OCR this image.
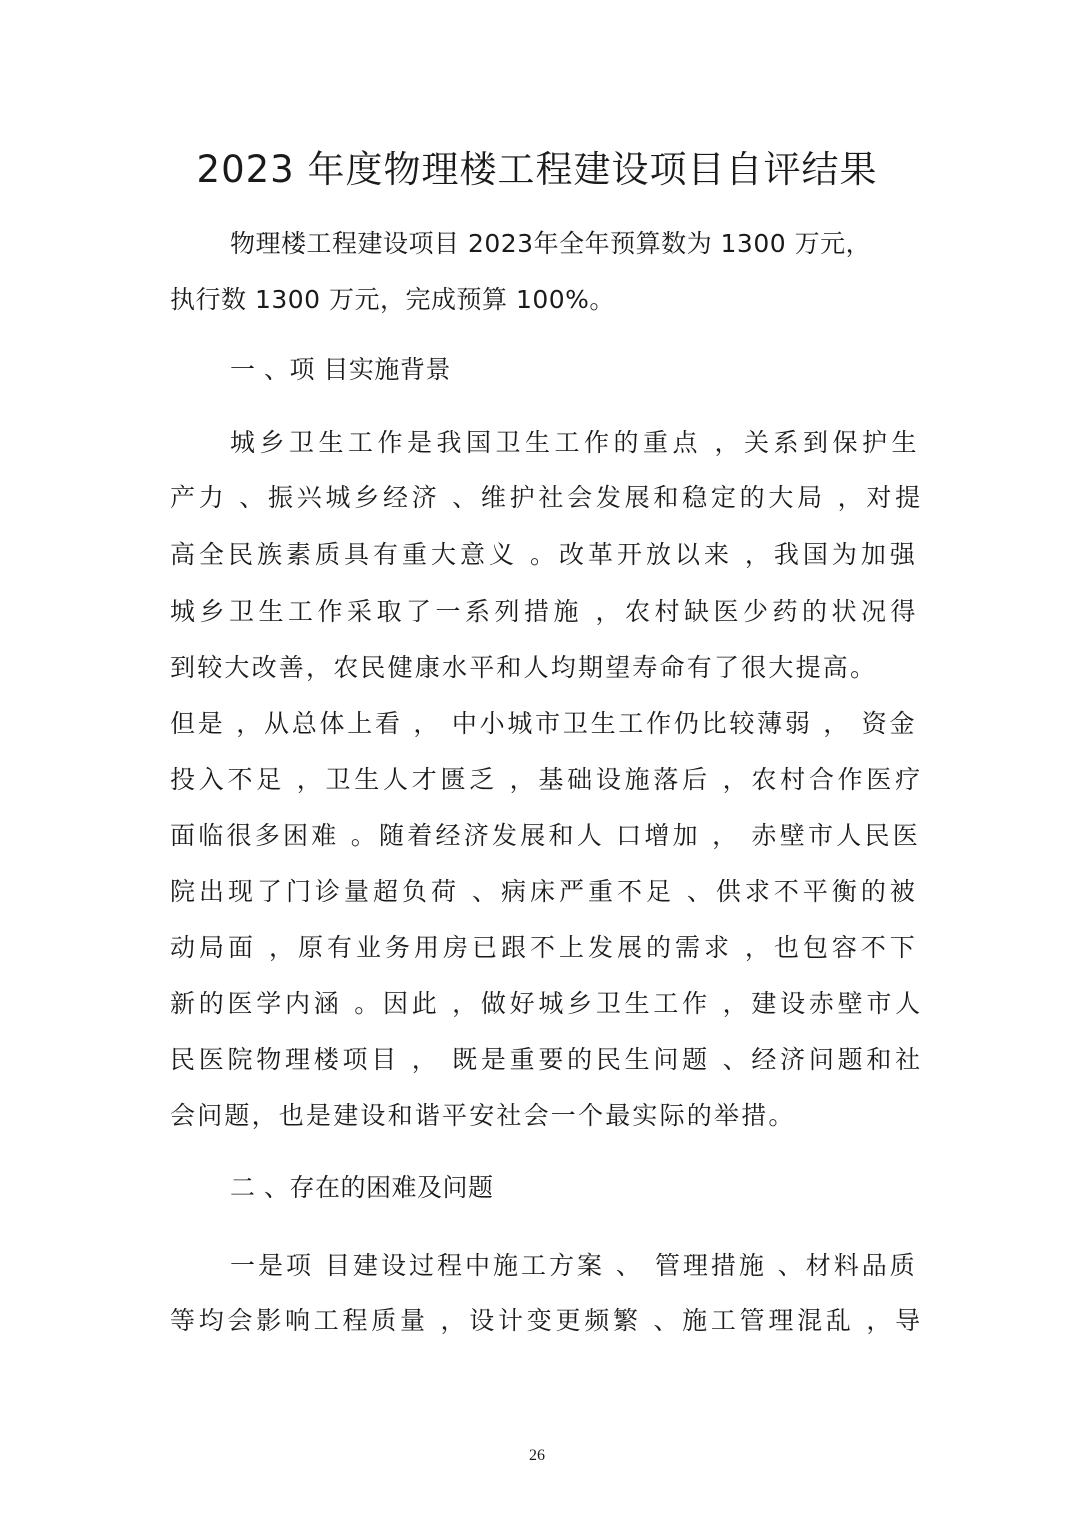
2023 年度物理楼工程建设项目自评结果
物理楼工程建设项目 2023年全年预算数为 1300 万元，
执行数 1300 万元，完成预算 100%。
一 、项 目实施背景
城乡卫生工作是我国卫生工作的重点 ，关系到保护生
产力 、振兴城乡经济 、维护社会发展和稳定的大局 ，对提
高全民族素质具有重大意义 。改革开放以来 ，我国为加强
城乡卫生工作采取了一系列措施 ，农村缺医少药的状况得
到较大改善，农民健康水平和人均期望寿命有了很大提高。
但是 ，从总体上看 ， 中小城市卫生工作仍比较薄弱 ， 资金
投入不足 ，卫生人才匮乏 ，基础设施落后 ，农村合作医疗
面临很多困难 。随着经济发展和人 口增加 ， 赤壁市人民医
院出现了门诊量超负荷 、病床严重不足 、供求不平衡的被
动局面 ，原有业务用房已跟不上发展的需求 ，也包容不下
新的医学内涵 。因此 ，做好城乡卫生工作 ，建设赤壁市人
民医院物理楼项目 ， 既是重要的民生问题 、经济问题和社
会问题，也是建设和谐平安社会一个最实际的举措。
二 、存在的困难及问题
一是项 目建设过程中施工方案 、 管理措施 、材料品质
等均会影响工程质量 ，设计变更频繁 、施工管理混乱 ，导
26
